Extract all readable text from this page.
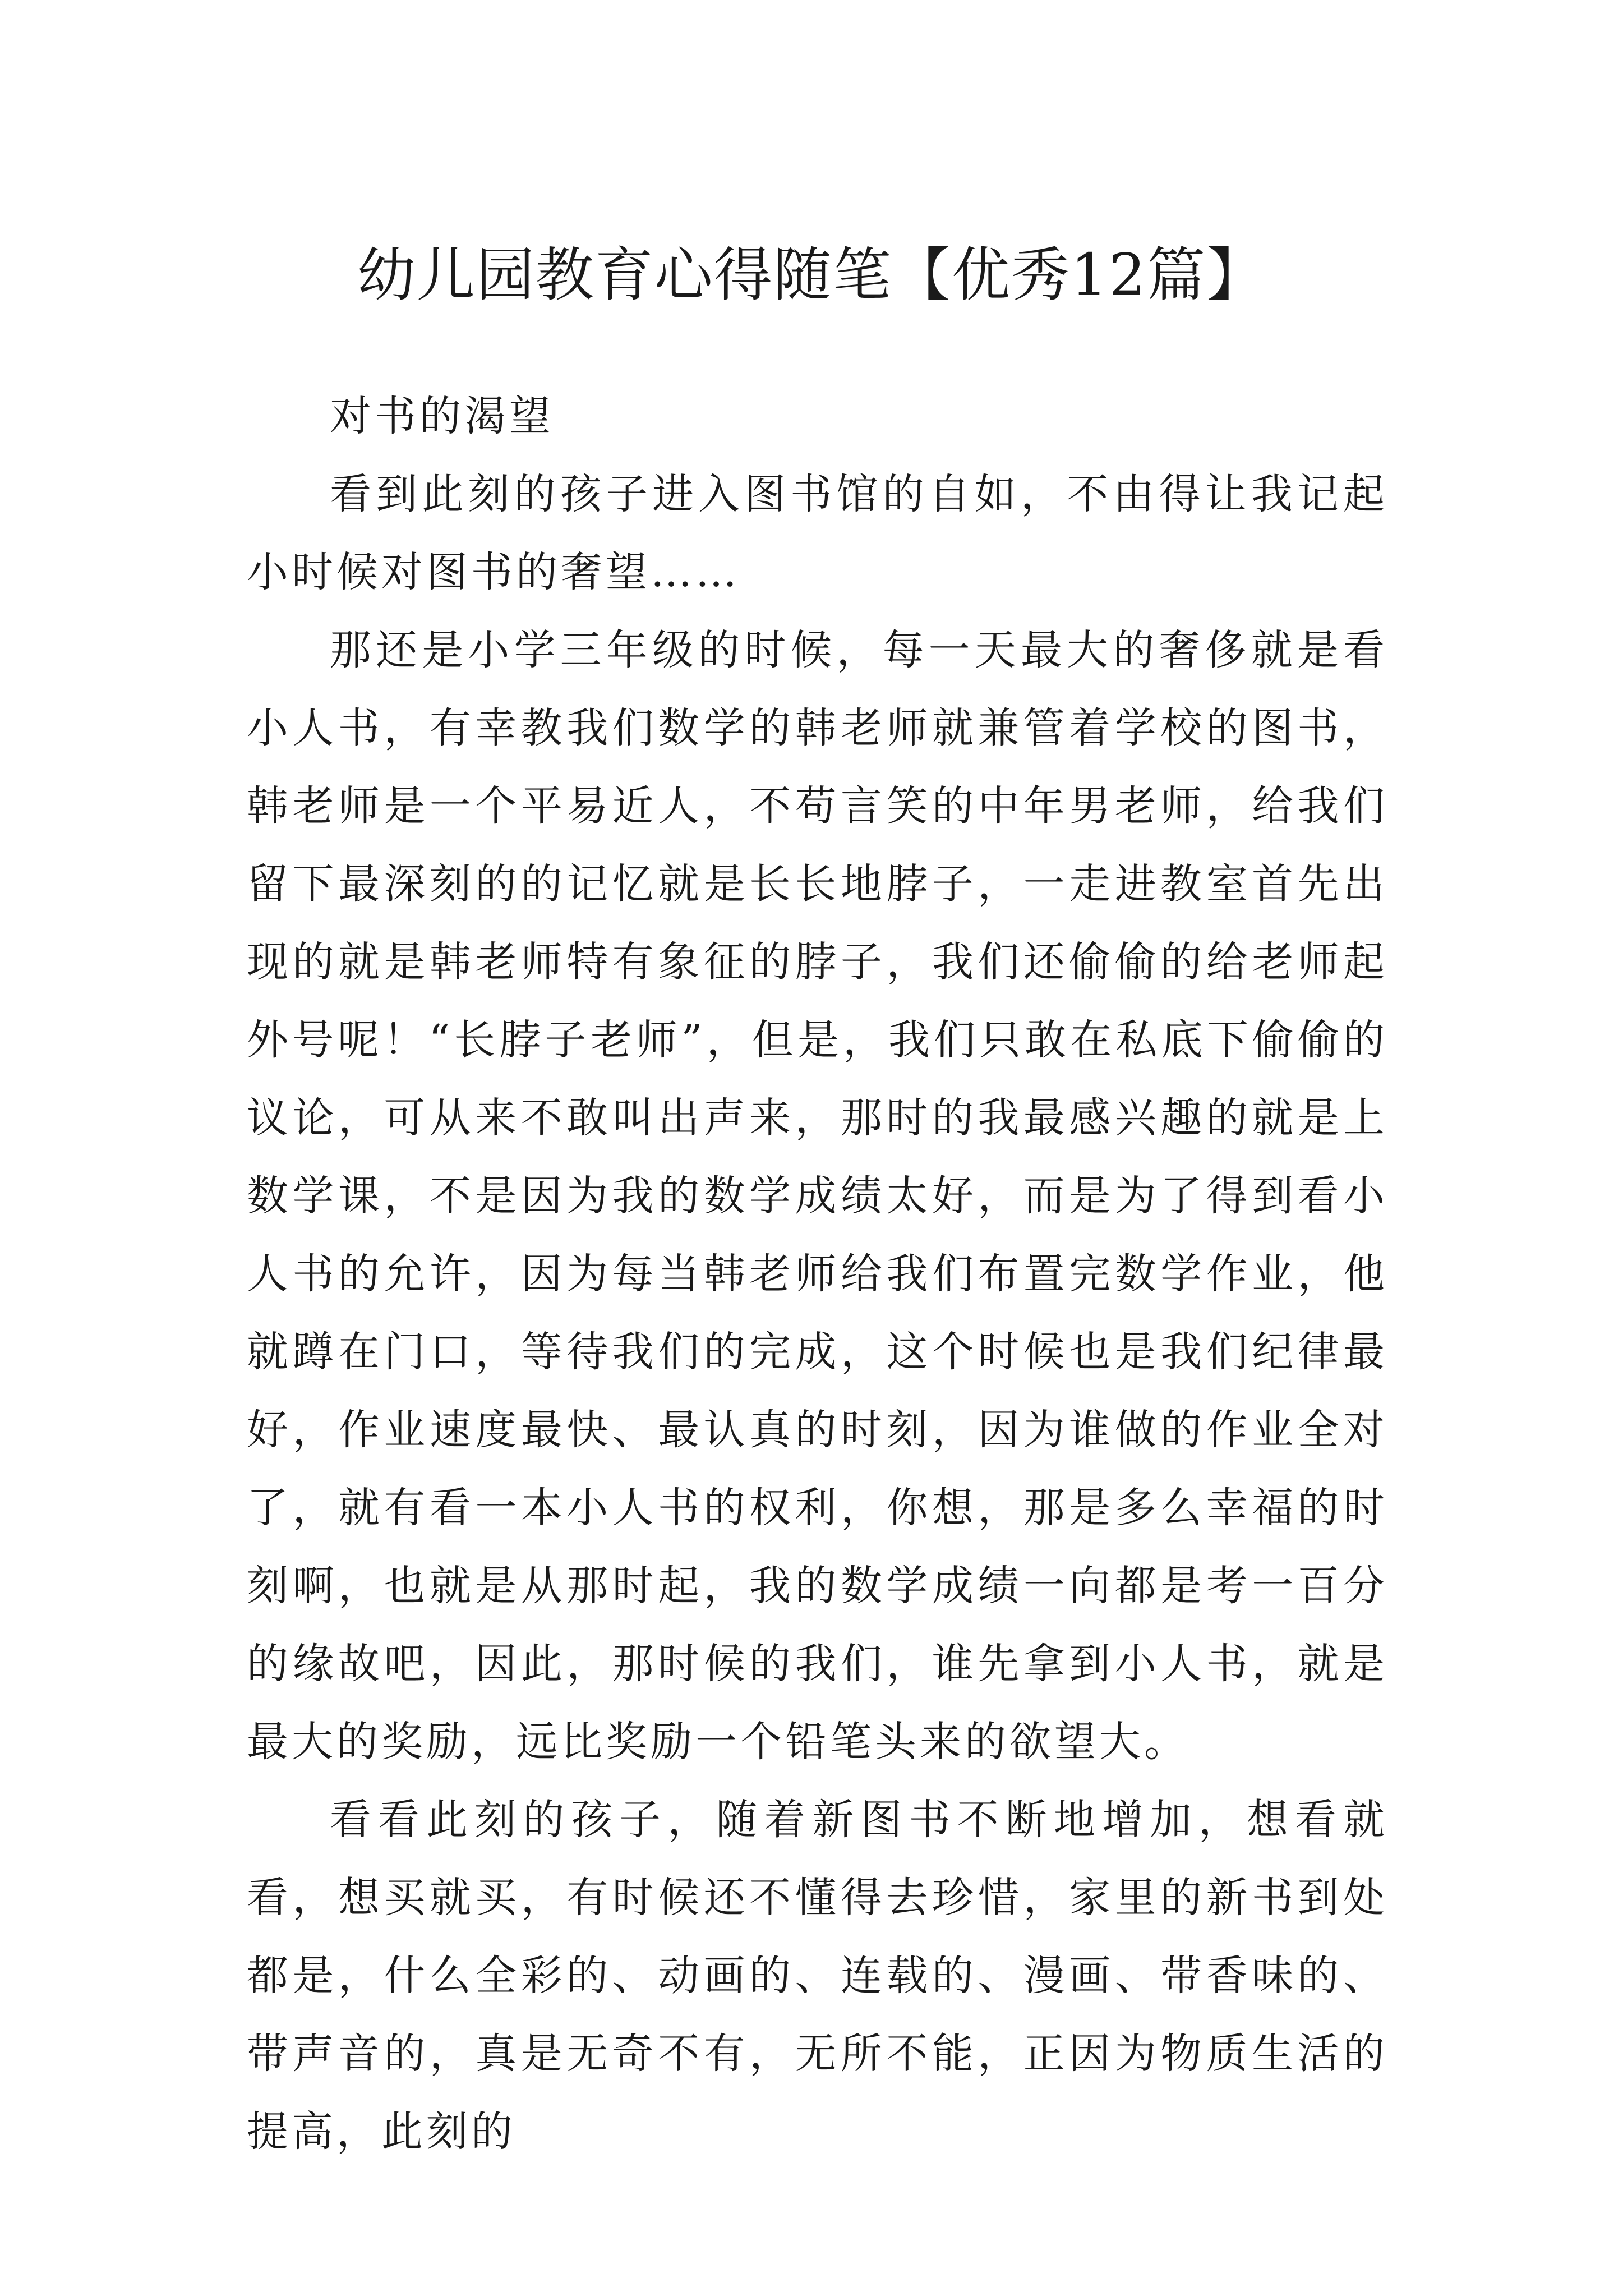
幼儿园教育心得随笔【优秀12篇】

对书的渴望

看到此刻的孩子进入图书馆的自如，不由得让我记起小时候对图书的奢望……

那还是小学三年级的时候，每一天最大的奢侈就是看小人书，有幸教我们数学的韩老师就兼管着学校的图书，韩老师是一个平易近人，不苟言笑的中年男老师，给我们留下最深刻的的记忆就是长长地脖子，一走进教室首先出现的就是韩老师特有象征的脖子，我们还偷偷的给老师起外号呢！“长脖子老师”，但是，我们只敢在私底下偷偷的议论，可从来不敢叫出声来，那时的我最感兴趣的就是上数学课，不是因为我的数学成绩太好，而是为了得到看小人书的允许，因为每当韩老师给我们布置完数学作业，他就蹲在门口，等待我们的完成，这个时候也是我们纪律最好，作业速度最快、最认真的时刻，因为谁做的作业全对了，就有看一本小人书的权利，你想，那是多么幸福的时刻啊，也就是从那时起，我的数学成绩一向都是考一百分的缘故吧，因此，那时候的我们，谁先拿到小人书，就是最大的奖励，远比奖励一个铅笔头来的欲望大。

看看此刻的孩子，随着新图书不断地增加，想看就看，想买就买，有时候还不懂得去珍惜，家里的新书到处都是，什么全彩的、动画的、连载的、漫画、带香味的、带声音的，真是无奇不有，无所不能，正因为物质生活的提高，此刻的
